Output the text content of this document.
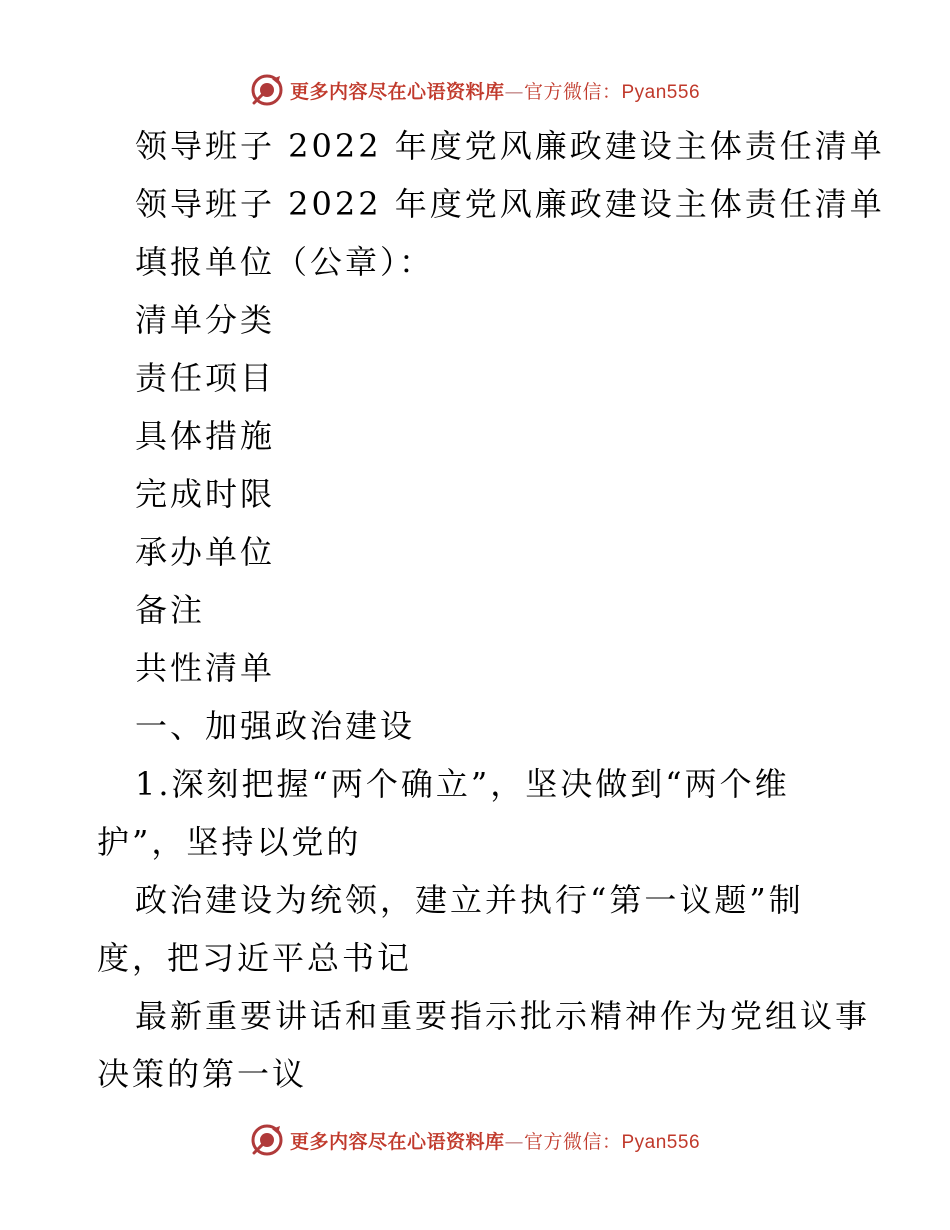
更多内容尽在心语资料库—官方微信：Pyan556
领导班子 2022 年度党风廉政建设主体责任清单
领导班子 2022 年度党风廉政建设主体责任清单
填报单位（公章）：
清单分类
责任项目
具体措施
完成时限
承办单位
备注
共性清单
一、加强政治建设
1.深刻把握“两个确立”，坚决做到“两个维
护”，坚持以党的
政治建设为统领，建立并执行“第一议题”制
度，把习近平总书记
最新重要讲话和重要指示批示精神作为党组议事
决策的第一议
更多内容尽在心语资料库—官方微信：Pyan556
